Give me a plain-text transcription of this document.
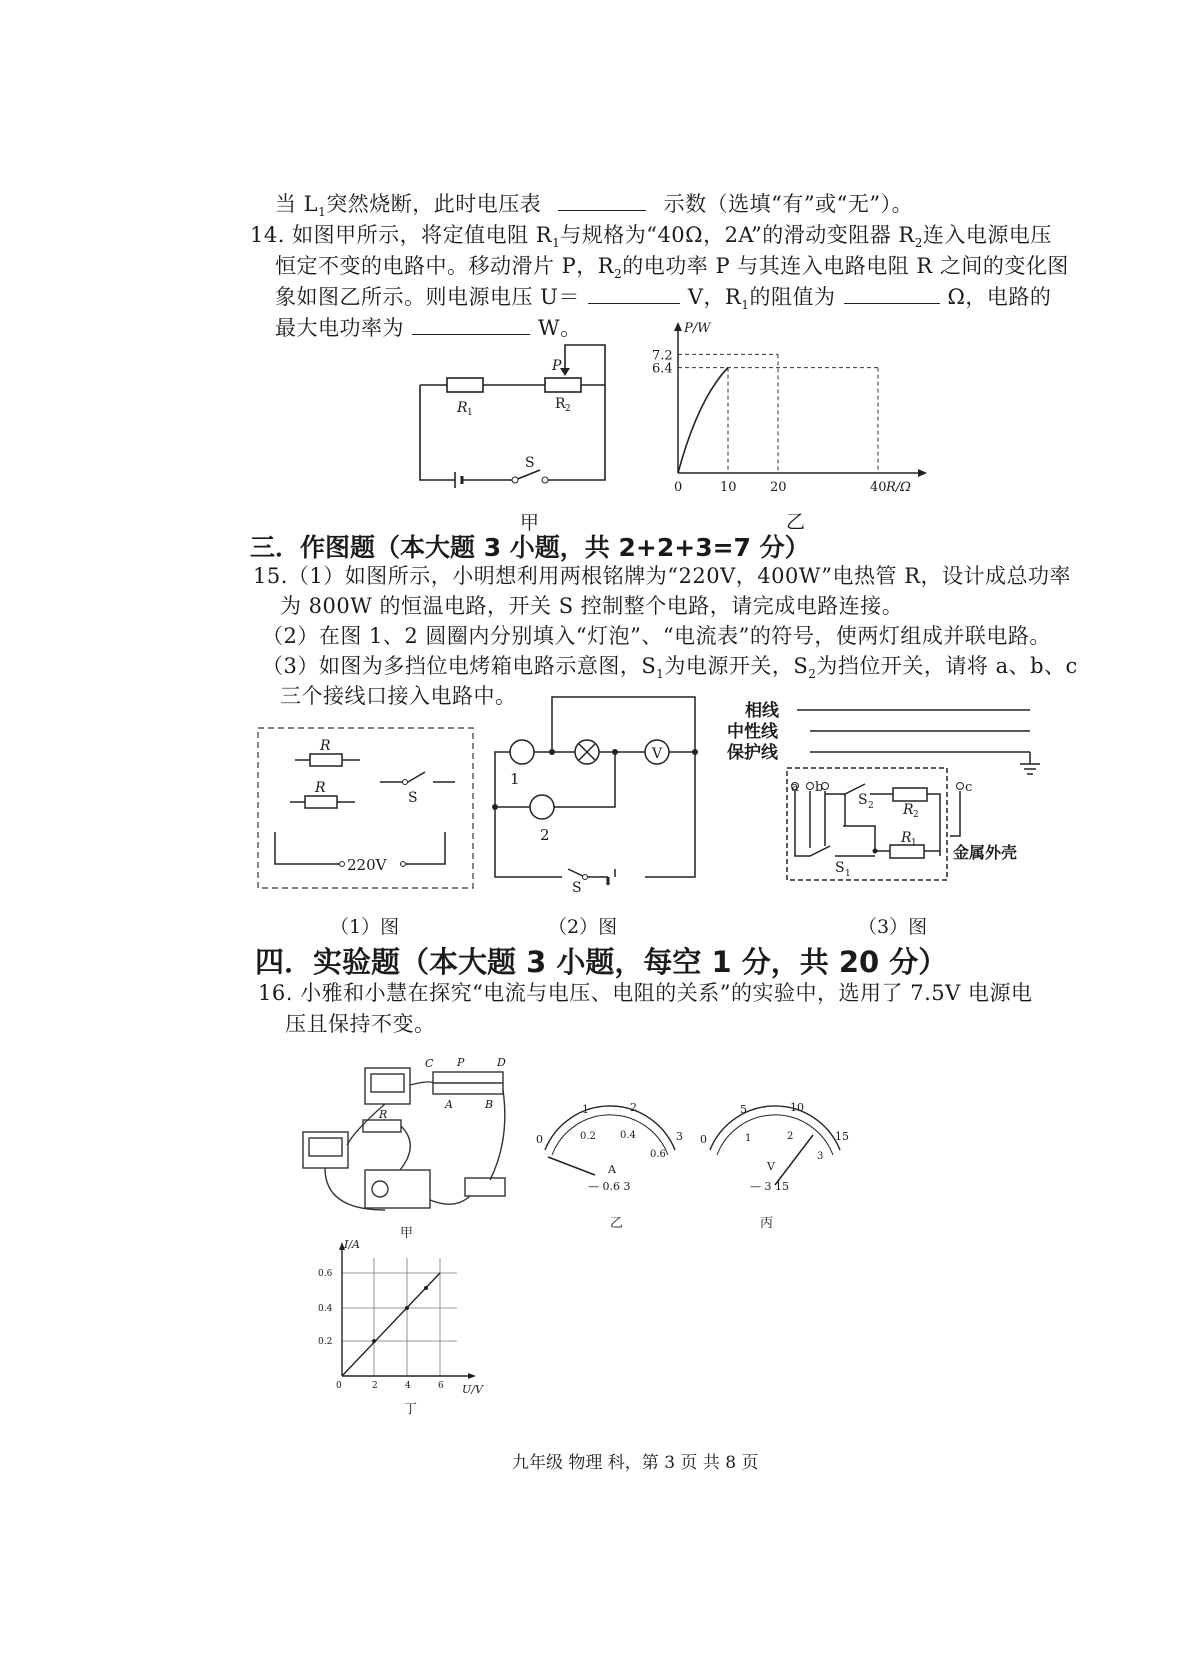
当 $L_1$突然烧断，此时电压表	示数（选填“有”或“无”）。
14. 如图甲所示，将定值电阻 $R_1$与规格为“40Ω，2A”的滑动变阻器 $R_2$连入电源电压
恒定不变的电路中。移动滑片 P，$R_2$的电功率 P 与其连入电路电阻 R 之间的变化图
象如图乙所示。则电源电压 U＝	V，$R_1$的阻值为	Ω，电路的
最大电功率为	W。
R 1
R 2
P
S
甲
P/W
R/Ω
6.4
7.2
0	10	20	40
乙
三．作图题（本大题 3 小题，共 2+2+3=7 分）
15.（1）如图所示，小明想利用两根铭牌为“220V，400W”电热管 R，设计成总功率
为 800W 的恒温电路，开关 S 控制整个电路，请完成电路连接。
（2）在图 1、2 圆圈内分别填入“灯泡”、“电流表”的符号，使两灯组成并联电路。
（3）如图为多挡位电烤箱电路示意图，$S_1$为电源开关，$S_2$为挡位开关，请将 a、b、c
三个接线口接入电路中。
R
R
S
220V
（1）图
V
1
2
S
（2）图
相线
中性线
保护线
a b	c
S 2 R 2
R 1
S 1
金属外壳
（3）图
四．实验题（本大题 3 小题，每空 1 分，共 20 分）
16. 小雅和小慧在探究“电流与电压、电阻的关系”的实验中，选用了 7.5V 电源电
压且保持不变。
C P	D
A	B
R
甲
0
1	2
3
0.2 0.4
0.6
A
— 0.6 3
乙
0
5	10
15
1	2
3
V
— 3 15
丙
I/A
U/V
0.2
0.4
0.6
0	2	4	6
丁
九年级 物理 科，第 3 页 共 8 页
